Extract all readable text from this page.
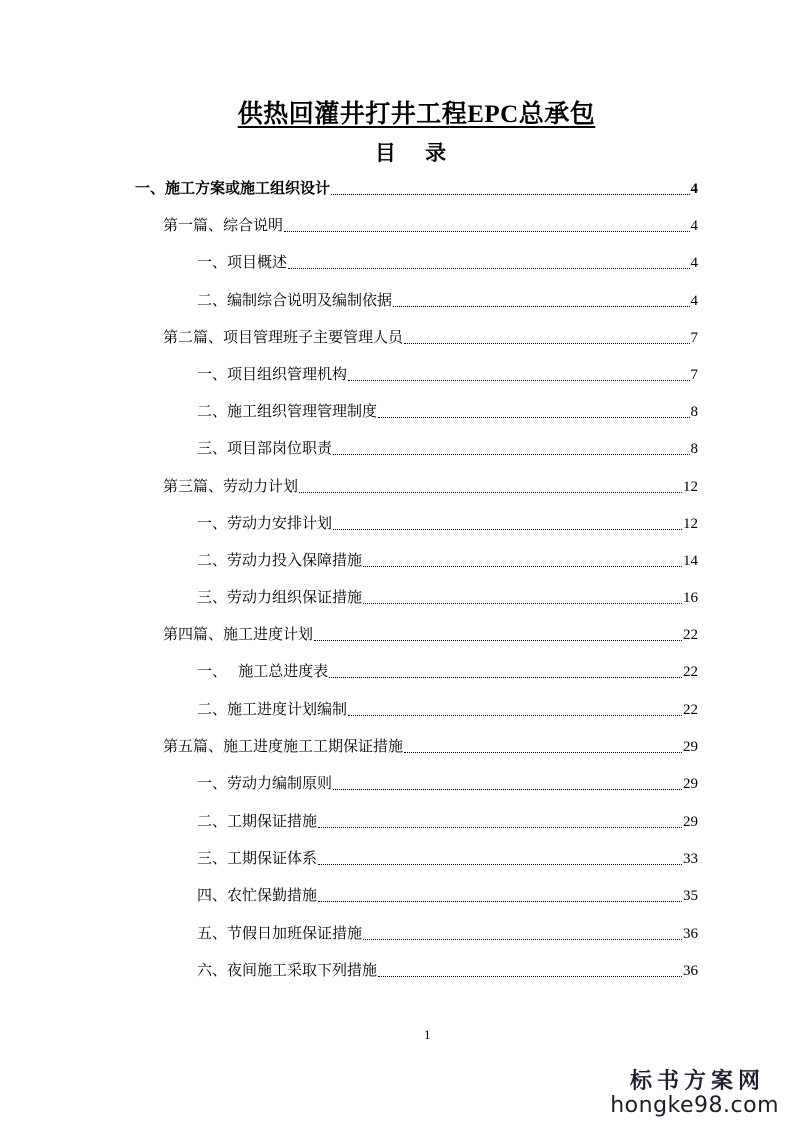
供热回灌井打井工程EPC总承包
目 录
一、施工方案或施工组织设计	4
第一篇、综合说明	4
一、项目概述	4
二、编制综合说明及编制依据	4
第二篇、项目管理班子主要管理人员	7
一、项目组织管理机构	7
二、施工组织管理管理制度	8
三、项目部岗位职责	8
第三篇、劳动力计划	12
一、劳动力安排计划	12
二、劳动力投入保障措施	14
三、劳动力组织保证措施	16
第四篇、施工进度计划	22
一、   施工总进度表	22
二、施工进度计划编制	22
第五篇、施工进度施工工期保证措施	29
一、劳动力编制原则	29
二、工期保证措施	29
三、工期保证体系	33
四、农忙保勤措施	35
五、节假日加班保证措施	36
六、夜间施工采取下列措施	36
1
标书方案网
hongke98.com
